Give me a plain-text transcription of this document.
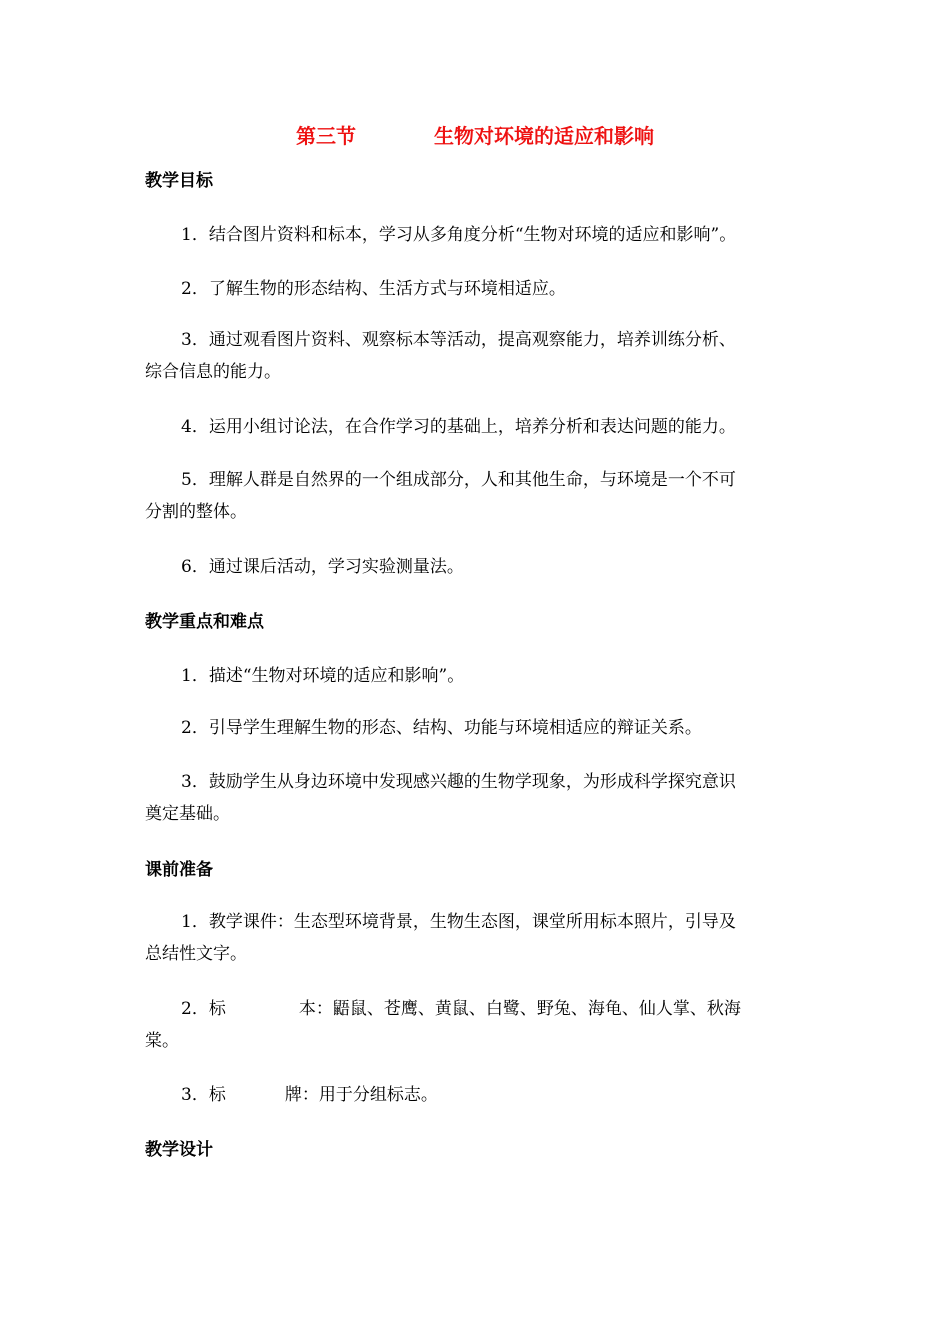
第三节	生物对环境的适应和影响
教学目标
1．结合图片资料和标本，学习从多角度分析“生物对环境的适应和影响”。
2．了解生物的形态结构、生活方式与环境相适应。
3．通过观看图片资料、观察标本等活动，提高观察能力，培养训练分析、
综合信息的能力。
4．运用小组讨论法，在合作学习的基础上，培养分析和表达问题的能力。
5．理解人群是自然界的一个组成部分，人和其他生命，与环境是一个不可
分割的整体。
6．通过课后活动，学习实验测量法。
教学重点和难点
1．描述“生物对环境的适应和影响”。
2．引导学生理解生物的形态、结构、功能与环境相适应的辩证关系。
3．鼓励学生从身边环境中发现感兴趣的生物学现象，为形成科学探究意识
奠定基础。
课前准备
1．教学课件：生态型环境背景，生物生态图，课堂所用标本照片，引导及
总结性文字。
2．标	本：鼯鼠、苍鹰、黄鼠、白鹭、野兔、海龟、仙人掌、秋海
棠。
3．标	牌：用于分组标志。
教学设计
